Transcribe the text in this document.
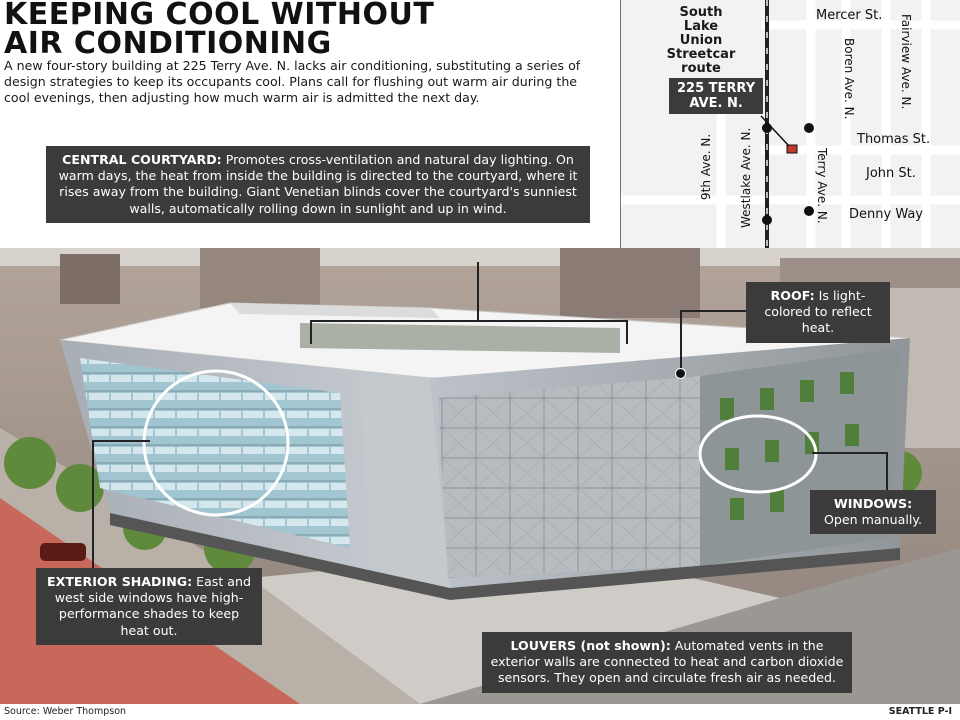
KEEPING COOL WITHOUT
AIR CONDITIONING
A new four-story building at 225 Terry Ave. N. lacks air conditioning, substituting a series of design strategies to keep its occupants cool. Plans call for flushing out warm air during the cool evenings, then adjusting how much warm air is admitted the next day.
South
Lake Union
Streetcar
route
225 TERRY
AVE. N.
Mercer St.
Thomas St.
John St.
Denny Way
Boren Ave. N.	Fairview Ave. N.
9th Ave. N. Westlake Ave. N.	Terry Ave. N.
CENTRAL COURTYARD: Promotes cross-ventilation and natural day lighting. On warm days, the heat from inside the building is directed to the courtyard, where it rises away from the building. Giant Venetian blinds cover the courtyard's sunniest walls, automatically rolling down in sunlight and up in wind.
ROOF: Is light-colored to reflect heat.
WINDOWS: Open manually.
EXTERIOR SHADING: East and west side windows have high-performance shades to keep heat out.
LOUVERS (not shown): Automated vents in the exterior walls are connected to heat and carbon dioxide sensors. They open and circulate fresh air as needed.
Source: Weber Thompson	SEATTLE P-I
